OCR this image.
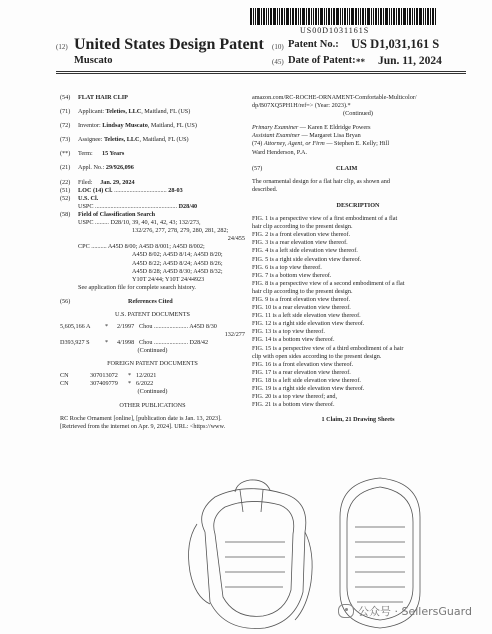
US00D1031161S
(12) United States Design Patent (10) Patent No.: US D1,031,161 S
Muscato	(45) Date of Patent: ** Jun. 11, 2024
(54) FLAT HAIR CLIP
(71) Applicant: Teleties, LLC, Maitland, FL (US)
(72) Inventor: Lindsay Muscato, Maitland, FL (US)
(73) Assignee: Teleties, LLC, Maitland, FL (US)
(**) Term: 15 Years
(21) Appl. No.: 29/926,096
(22) Filed: Jan. 29, 2024
(51) LOC (14) Cl. .................................. 28-03
(52) U.S. Cl.
USPC ..................................................... D28/40
(58) Field of Classification Search
USPC ......... D28/10, 39, 40, 41, 42, 43; 132/273,
132/276, 277, 278, 279, 280, 281, 282;
24/455
CPC .......... A45D 8/00; A45D 8/001; A45D 8/002;
A45D 8/02; A45D 8/14; A45D 8/20;
A45D 8/22; A45D 8/24; A45D 8/26;
A45D 8/28; A45D 8/30; A45D 8/32;
Y10T 24/44; Y10T 24/44923
See application file for complete search history.
(56)	References Cited
U.S. PATENT DOCUMENTS
5,605,166 A * 2/1997 Chou ...................... A45D 8/30
132/277
D393,927 S * 4/1998 Chou ...................... D28/42
(Continued)
FOREIGN PATENT DOCUMENTS
CN	307013072 * 12/2021
CN	307409779 * 6/2022
(Continued)
OTHER PUBLICATIONS
RC Roche Ornament [online], [publication date is Jan. 13, 2023].
[Retrieved from the internet on Apr. 9, 2024]. URL: <https://www.
amazon.com/RC-ROCHE-ORNAMENT-Comfortable-Multicolor/
dp/B07XQ5PH1H/ref=> (Year: 2023).*
(Continued)
Primary Examiner — Karen E Eldridge Powers
Assistant Examiner — Margaret Lisa Bryan
(74) Attorney, Agent, or Firm — Stephen E. Kelly; Hill
Ward Henderson, P.A.
(57)	CLAIM
The ornamental design for a flat hair clip, as shown and
described.
DESCRIPTION
FIG. 1 is a perspective view of a first embodiment of a flat
hair clip according to the present design.
FIG. 2 is a front elevation view thereof.
FIG. 3 is a rear elevation view thereof.
FIG. 4 is a left side elevation view thereof.
FIG. 5 is a right side elevation view thereof.
FIG. 6 is a top view thereof.
FIG. 7 is a bottom view thereof.
FIG. 8 is a perspective view of a second embodiment of a flat
hair clip according to the present design.
FIG. 9 is a front elevation view thereof.
FIG. 10 is a rear elevation view thereof.
FIG. 11 is a left side elevation view thereof.
FIG. 12 is a right side elevation view thereof.
FIG. 13 is a top view thereof.
FIG. 14 is a bottom view thereof.
FIG. 15 is a perspective view of a third embodiment of a hair
clip with open sides according to the present design.
FIG. 16 is a front elevation view thereof.
FIG. 17 is a rear elevation view thereof.
FIG. 18 is a left side elevation view thereof.
FIG. 19 is a right side elevation view thereof.
FIG. 20 is a top view thereof; and,
FIG. 21 is a bottom view thereof.
1 Claim, 21 Drawing Sheets
公众号 · SellersGuard
